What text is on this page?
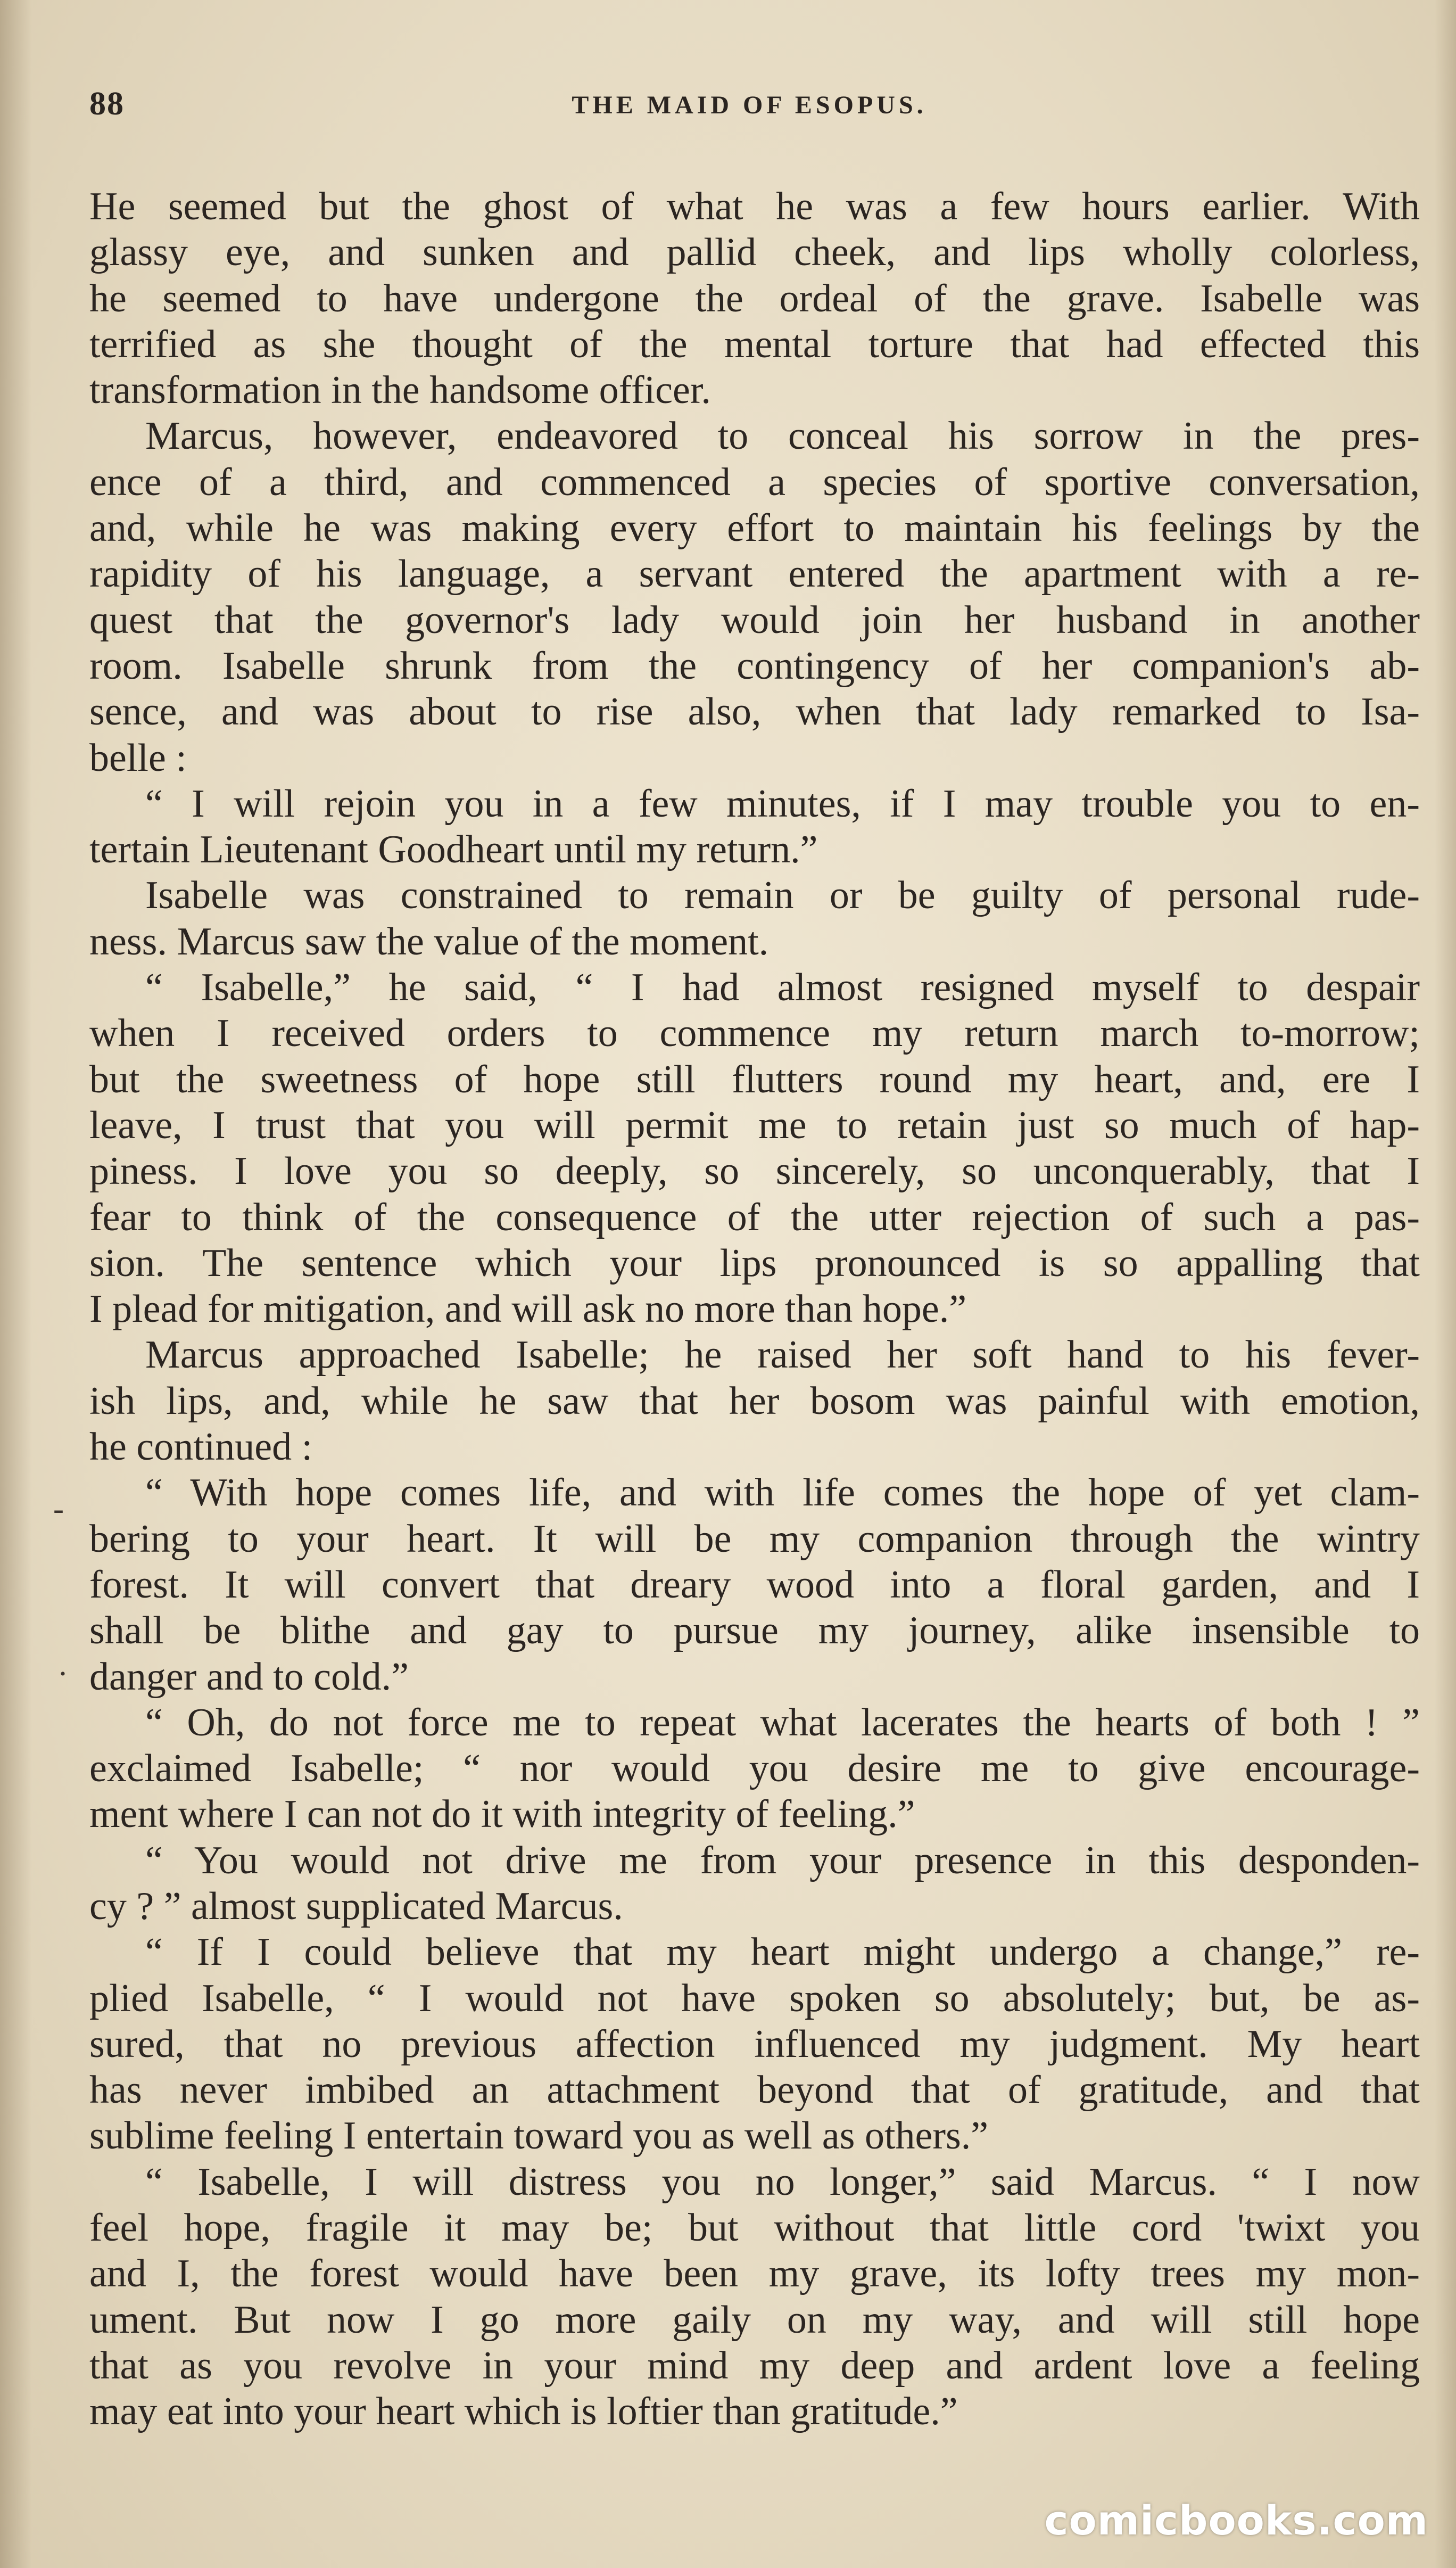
88	THE MAID OF ESOPUS.
He seemed but the ghost of what he was a few hours earlier. With
glassy eye, and sunken and pallid cheek, and lips wholly colorless,
he seemed to have undergone the ordeal of the grave. Isabelle was
terrified as she thought of the mental torture that had effected this
transformation in the handsome officer.
Marcus, however, endeavored to conceal his sorrow in the pres-
ence of a third, and commenced a species of sportive conversation,
and, while he was making every effort to maintain his feelings by the
rapidity of his language, a servant entered the apartment with a re-
quest that the governor's lady would join her husband in another
room. Isabelle shrunk from the contingency of her companion's ab-
sence, and was about to rise also, when that lady remarked to Isa-
belle :
“ I will rejoin you in a few minutes, if I may trouble you to en-
tertain Lieutenant Goodheart until my return.”
Isabelle was constrained to remain or be guilty of personal rude-
ness. Marcus saw the value of the moment.
“ Isabelle,” he said, “ I had almost resigned myself to despair
when I received orders to commence my return march to-morrow;
but the sweetness of hope still flutters round my heart, and, ere I
leave, I trust that you will permit me to retain just so much of hap-
piness. I love you so deeply, so sincerely, so unconquerably, that I
fear to think of the consequence of the utter rejection of such a pas-
sion. The sentence which your lips pronounced is so appalling that
I plead for mitigation, and will ask no more than hope.”
Marcus approached Isabelle; he raised her soft hand to his fever-
ish lips, and, while he saw that her bosom was painful with emotion,
he continued :
“ With hope comes life, and with life comes the hope of yet clam-
bering to your heart. It will be my companion through the wintry
forest. It will convert that dreary wood into a floral garden, and I
shall be blithe and gay to pursue my journey, alike insensible to
danger and to cold.”
“ Oh, do not force me to repeat what lacerates the hearts of both ! ”
exclaimed Isabelle; “ nor would you desire me to give encourage-
ment where I can not do it with integrity of feeling.”
“ You would not drive me from your presence in this desponden-
cy ? ” almost supplicated Marcus.
“ If I could believe that my heart might undergo a change,” re-
plied Isabelle, “ I would not have spoken so absolutely; but, be as-
sured, that no previous affection influenced my judgment. My heart
has never imbibed an attachment beyond that of gratitude, and that
sublime feeling I entertain toward you as well as others.”
“ Isabelle, I will distress you no longer,” said Marcus. “ I now
feel hope, fragile it may be; but without that little cord 'twixt you
and I, the forest would have been my grave, its lofty trees my mon-
ument. But now I go more gaily on my way, and will still hope
that as you revolve in your mind my deep and ardent love a feeling
may eat into your heart which is loftier than gratitude.”
-
·
comicbooks.com
